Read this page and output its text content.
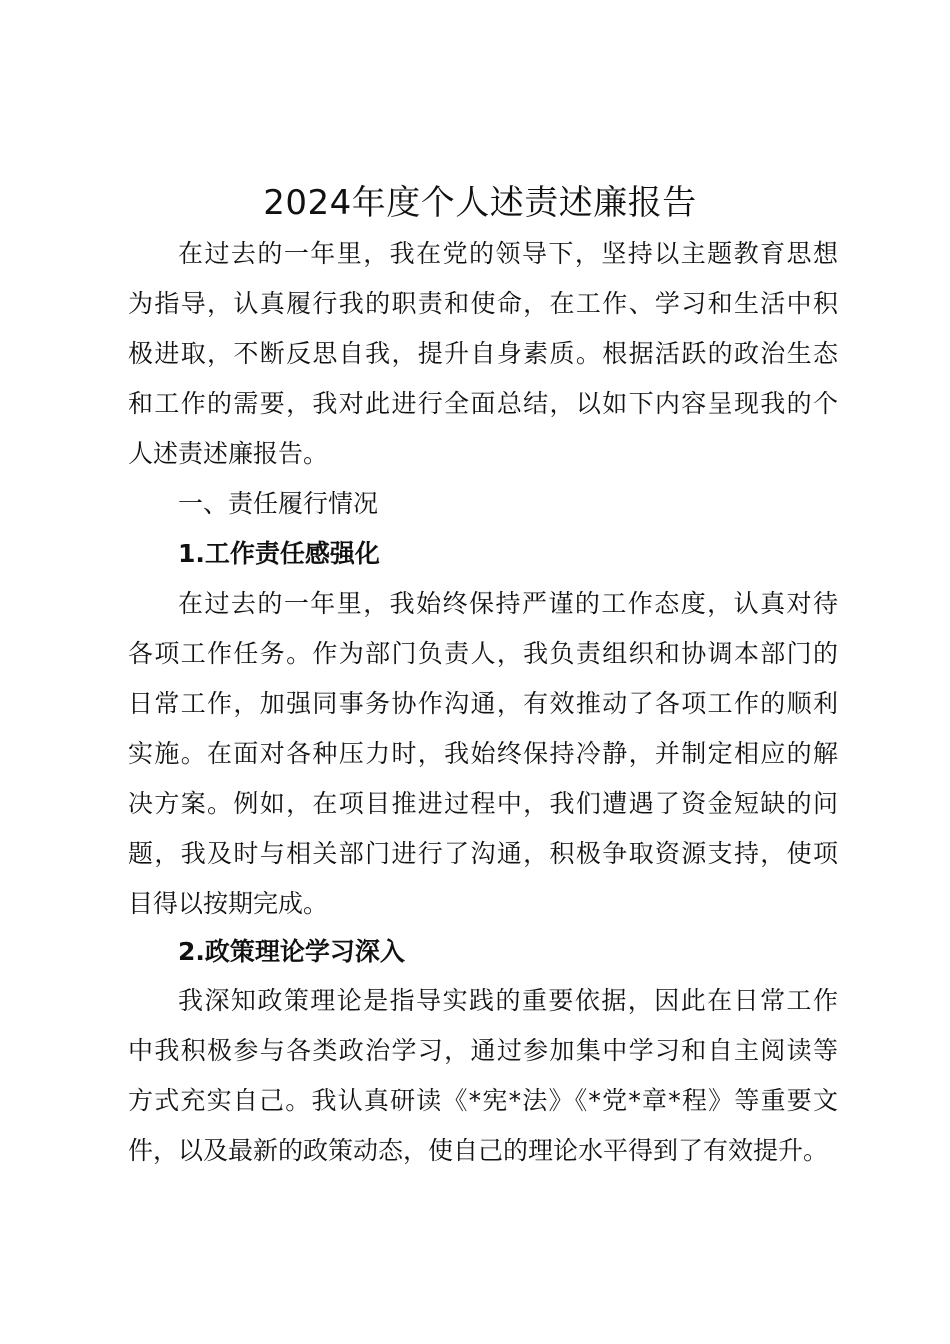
2024年度个人述责述廉报告

在过去的一年里，我在党的领导下，坚持以主题教育思想

为指导，认真履行我的职责和使命，在工作、学习和生活中积

极进取，不断反思自我，提升自身素质。根据活跃的政治生态

和工作的需要，我对此进行全面总结，以如下内容呈现我的个

人述责述廉报告。

一、责任履行情况

1.工作责任感强化

在过去的一年里，我始终保持严谨的工作态度，认真对待

各项工作任务。作为部门负责人，我负责组织和协调本部门的

日常工作，加强同事务协作沟通，有效推动了各项工作的顺利

实施。在面对各种压力时，我始终保持冷静，并制定相应的解

决方案。例如，在项目推进过程中，我们遭遇了资金短缺的问

题，我及时与相关部门进行了沟通，积极争取资源支持，使项

目得以按期完成。

2.政策理论学习深入

我深知政策理论是指导实践的重要依据，因此在日常工作

中我积极参与各类政治学习，通过参加集中学习和自主阅读等

方式充实自己。我认真研读《*宪*法》《*党*章*程》等重要文

件，以及最新的政策动态，使自己的理论水平得到了有效提升。
